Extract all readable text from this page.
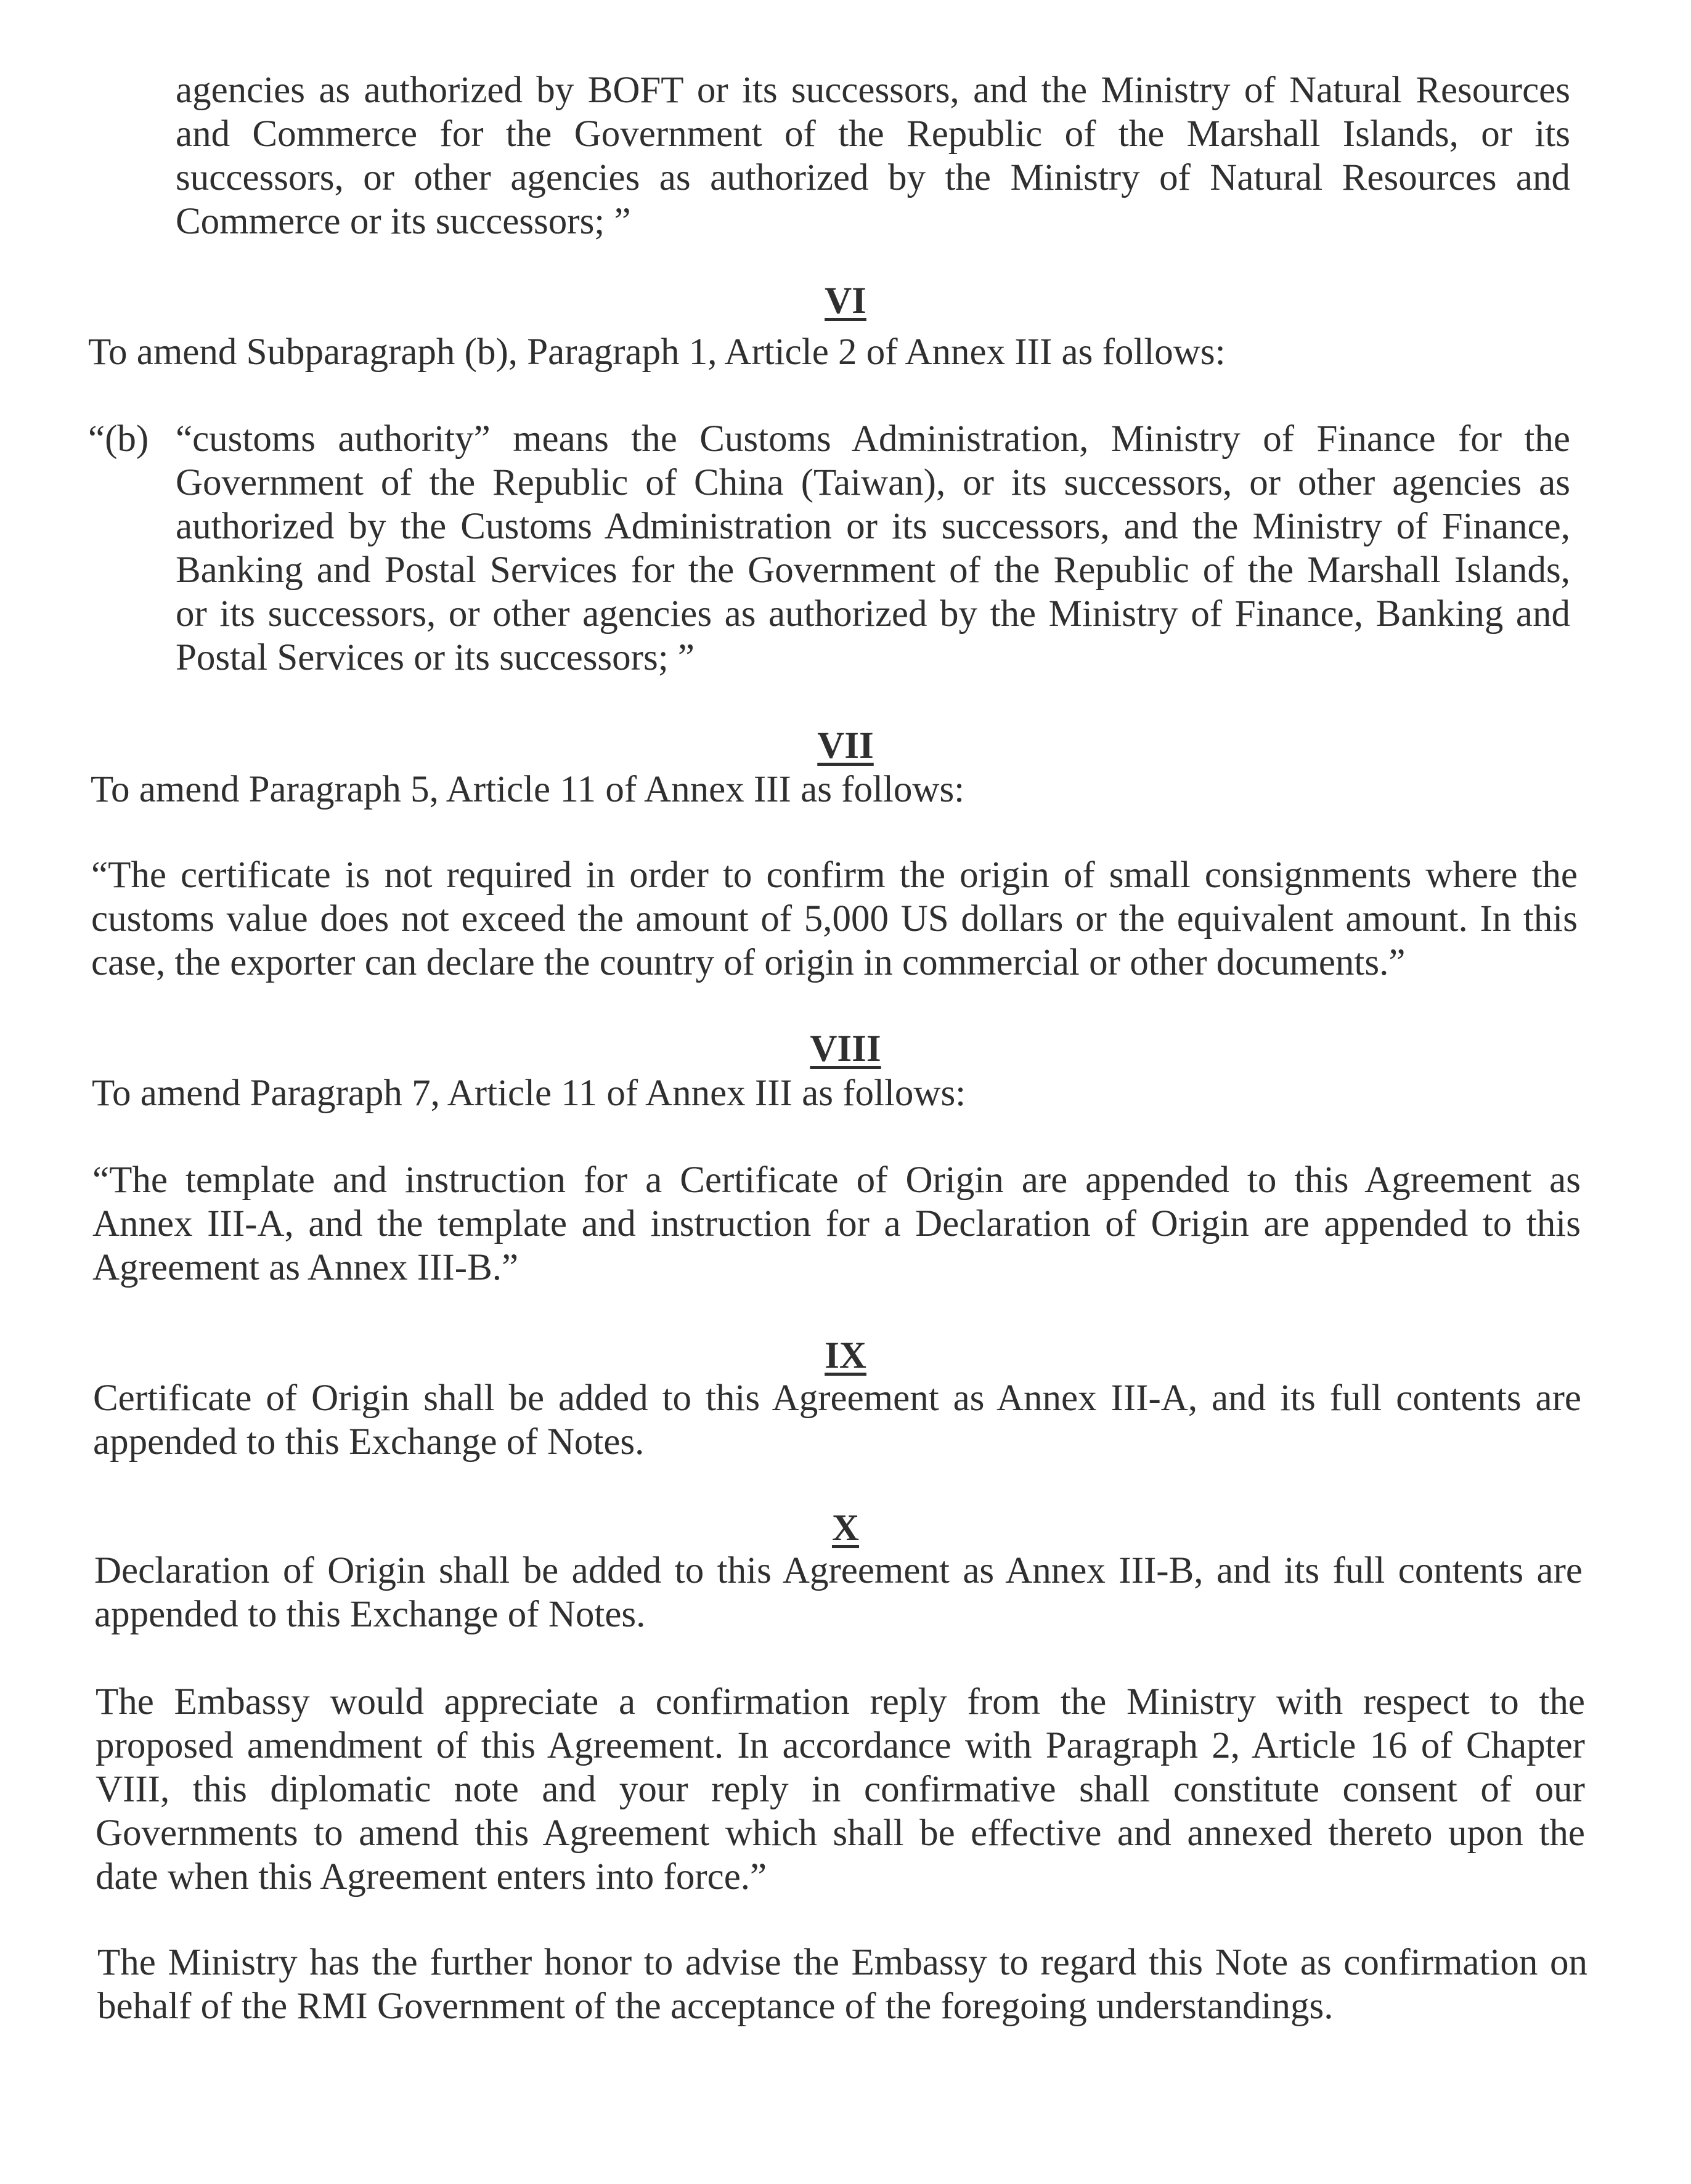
agencies as authorized by BOFT or its successors, and the Ministry of Natural Resources
and Commerce for the Government of the Republic of the Marshall Islands, or its
successors, or other agencies as authorized by the Ministry of Natural Resources and
Commerce or its successors; ”

VI

To amend Subparagraph (b), Paragraph 1, Article 2 of Annex III as follows:

“(b) “customs authority” means the Customs Administration, Ministry of Finance for the
Government of the Republic of China (Taiwan), or its successors, or other agencies as
authorized by the Customs Administration or its successors, and the Ministry of Finance,
Banking and Postal Services for the Government of the Republic of the Marshall Islands,
or its successors, or other agencies as authorized by the Ministry of Finance, Banking and
Postal Services or its successors; ”

VII

To amend Paragraph 5, Article 11 of Annex III as follows:

“The certificate is not required in order to confirm the origin of small consignments where the
customs value does not exceed the amount of 5,000 US dollars or the equivalent amount. In this
case, the exporter can declare the country of origin in commercial or other documents.”

VIII

To amend Paragraph 7, Article 11 of Annex III as follows:

“The template and instruction for a Certificate of Origin are appended to this Agreement as
Annex III-A, and the template and instruction for a Declaration of Origin are appended to this
Agreement as Annex III-B.”

IX

Certificate of Origin shall be added to this Agreement as Annex III-A, and its full contents are
appended to this Exchange of Notes.

X

Declaration of Origin shall be added to this Agreement as Annex III-B, and its full contents are
appended to this Exchange of Notes.
The Embassy would appreciate a confirmation reply from the Ministry with respect to the
proposed amendment of this Agreement. In accordance with Paragraph 2, Article 16 of Chapter
VIII, this diplomatic note and your reply in confirmative shall constitute consent of our
Governments to amend this Agreement which shall be effective and annexed thereto upon the
date when this Agreement enters into force.”
The Ministry has the further honor to advise the Embassy to regard this Note as confirmation on
behalf of the RMI Government of the acceptance of the foregoing understandings.
